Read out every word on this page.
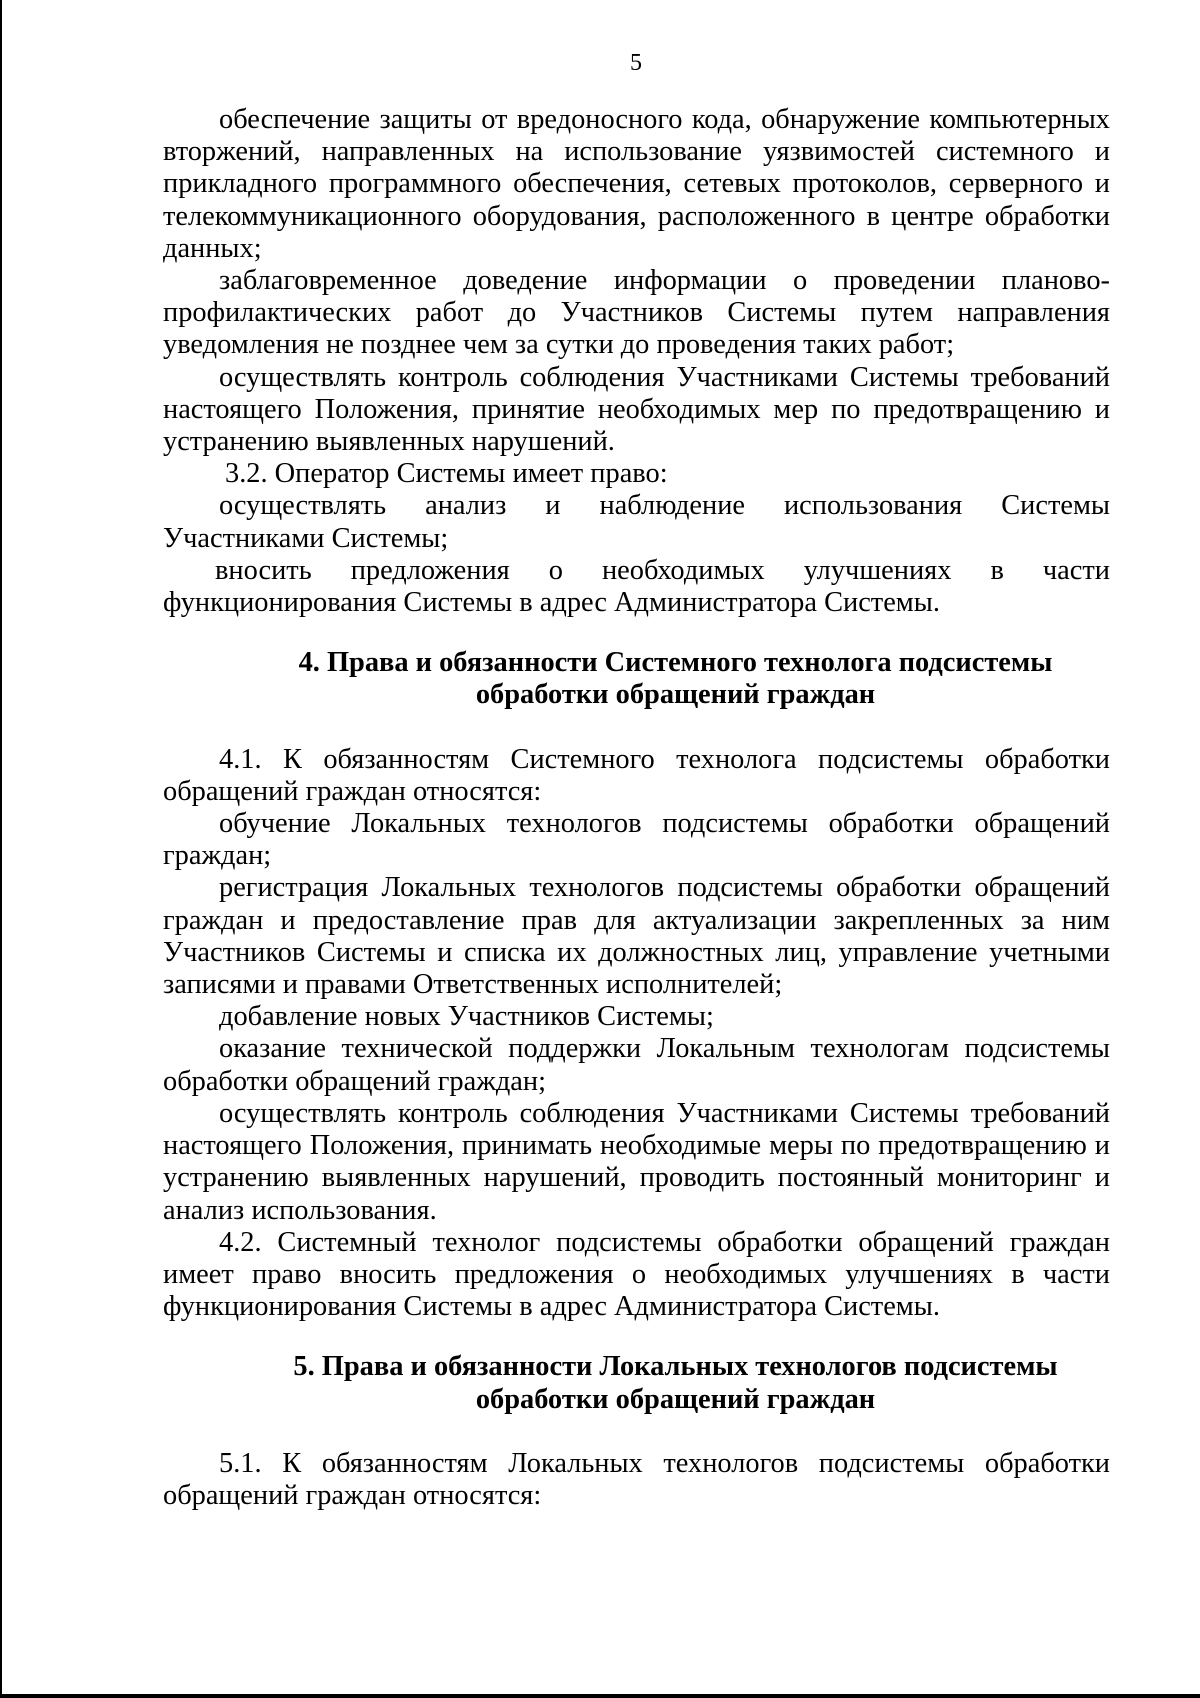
5

обеспечение защиты от вредоносного кода, обнаружение компьютерных вторжений, направленных на использование уязвимостей системного и прикладного программного обеспечения, сетевых протоколов, серверного и телекоммуникационного оборудования, расположенного в центре обработки данных;

заблаговременное доведение информации о проведении планово-профилактических работ до Участников Системы путем направления уведомления не позднее чем за сутки до проведения таких работ;

осуществлять контроль соблюдения Участниками Системы требований настоящего Положения, принятие необходимых мер по предотвращению и устранению выявленных нарушений.

3.2. Оператор Системы имеет право:

осуществлять анализ и наблюдение использования Системы Участниками Системы;

вносить предложения о необходимых улучшениях в части функционирования Системы в адрес Администратора Системы.

4. Права и обязанности Системного технолога подсистемы
обработки обращений граждан

4.1. К обязанностям Системного технолога подсистемы обработки обращений граждан относятся:

обучение Локальных технологов подсистемы обработки обращений граждан;

регистрация Локальных технологов подсистемы обработки обращений граждан и предоставление прав для актуализации закрепленных за ним Участников Системы и списка их должностных лиц, управление учетными записями и правами Ответственных исполнителей;

добавление новых Участников Системы;

оказание технической поддержки Локальным технологам подсистемы обработки обращений граждан;

осуществлять контроль соблюдения Участниками Системы требований настоящего Положения, принимать необходимые меры по предотвращению и устранению выявленных нарушений, проводить постоянный мониторинг и анализ использования.

4.2. Системный технолог подсистемы обработки обращений граждан имеет право вносить предложения о необходимых улучшениях в части функционирования Системы в адрес Администратора Системы.

5. Права и обязанности Локальных технологов подсистемы
обработки обращений граждан

5.1. К обязанностям Локальных технологов подсистемы обработки обращений граждан относятся:
